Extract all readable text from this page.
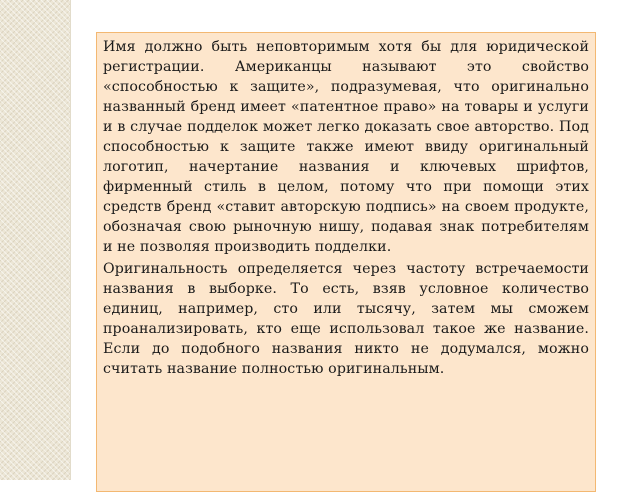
Имя должно быть неповторимым хотя бы для юридической регистрации. Американцы называют это свойство «способностью к защите», подразумевая, что оригинально названный бренд имеет «патентное право» на товары и услуги и в случае подделок может легко доказать свое авторство. Под способностью к защите также имеют ввиду оригинальный логотип, начертание названия и ключевых шрифтов, фирменный стиль в целом, потому что при помощи этих средств бренд «ставит авторскую подпись» на своем продукте, обозначая свою рыночную нишу, подавая знак потребителям и не позволяя производить подделки.

Оригинальность определяется через частоту встречаемости названия в выборке. То есть, взяв условное количество единиц, например, сто или тысячу, затем мы сможем проанализировать, кто еще использовал такое же название. Если до подобного названия никто не додумался, можно считать название полностью оригинальным.
